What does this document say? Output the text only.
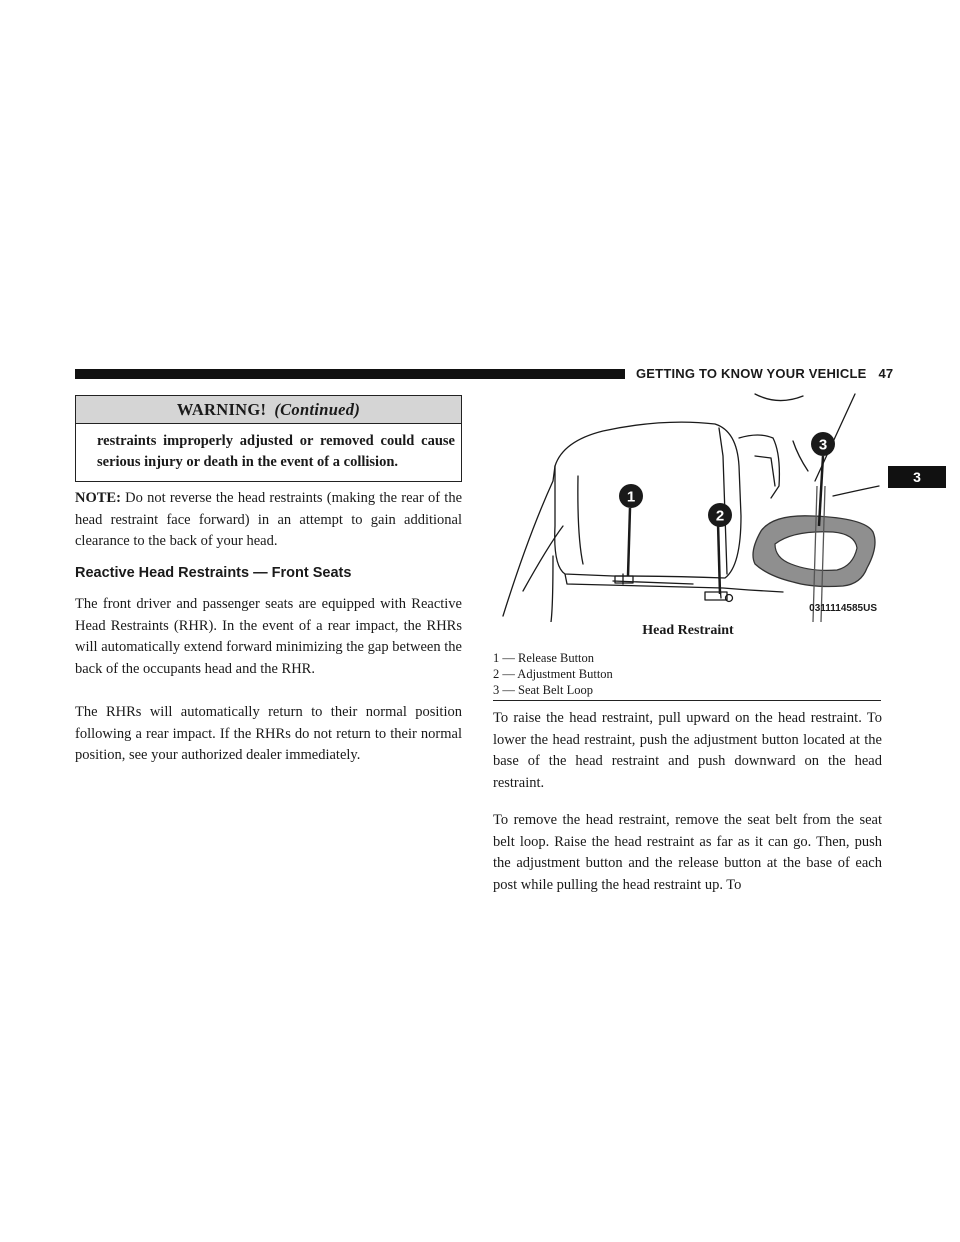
GETTING TO KNOW YOUR VEHICLE 47
3
WARNING! (Continued)
restraints improperly adjusted or removed could cause serious injury or death in the event of a collision.
NOTE: Do not reverse the head restraints (making the rear of the head restraint face forward) in an attempt to gain additional clearance to the back of your head.
Reactive Head Restraints — Front Seats
The front driver and passenger seats are equipped with Reactive Head Restraints (RHR). In the event of a rear impact, the RHRs will automatically extend forward minimizing the gap between the back of the occupants head and the RHR.
The RHRs will automatically return to their normal position following a rear impact. If the RHRs do not return to their normal position, see your authorized dealer immediately.
1
2
3
0311114585US
Head Restraint
1 — Release Button
2 — Adjustment Button
3 — Seat Belt Loop
To raise the head restraint, pull upward on the head restraint. To lower the head restraint, push the adjustment button located at the base of the head restraint and push downward on the head restraint.
To remove the head restraint, remove the seat belt from the seat belt loop. Raise the head restraint as far as it can go. Then, push the adjustment button and the release button at the base of each post while pulling the head restraint up. To
